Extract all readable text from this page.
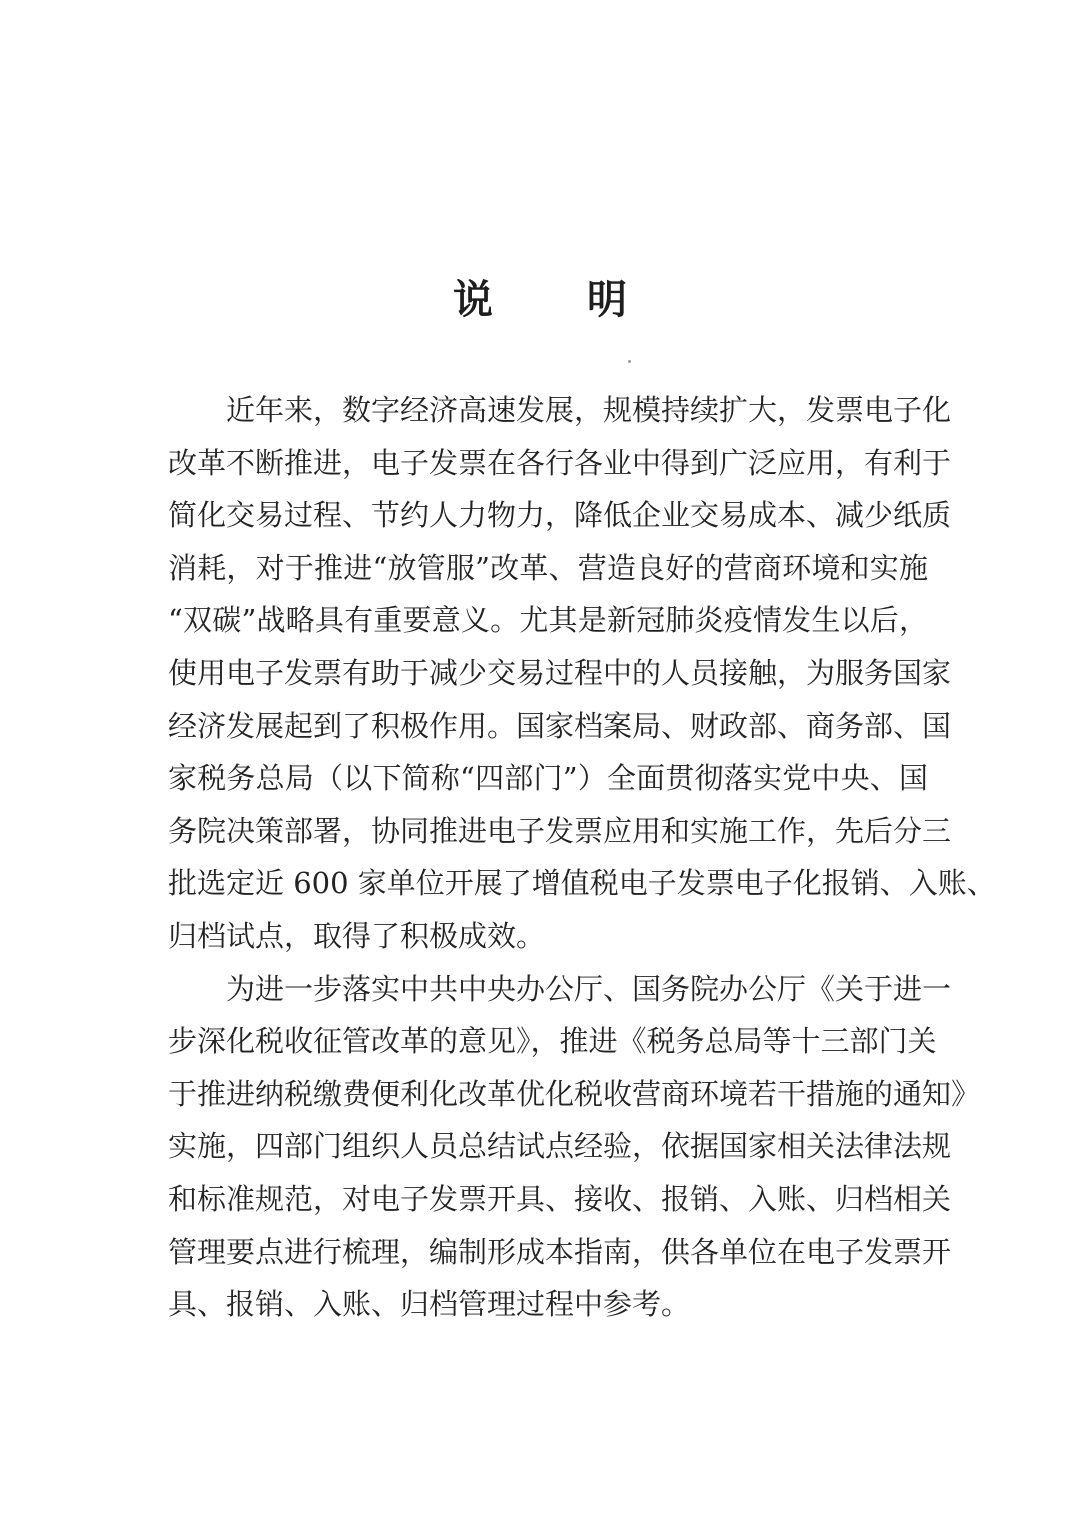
说 明
近年来，数字经济高速发展，规模持续扩大，发票电子化
改革不断推进，电子发票在各行各业中得到广泛应用，有利于
简化交易过程、节约人力物力，降低企业交易成本、减少纸质
消耗，对于推进“放管服”改革、营造良好的营商环境和实施
“双碳”战略具有重要意义。尤其是新冠肺炎疫情发生以后，
使用电子发票有助于减少交易过程中的人员接触，为服务国家
经济发展起到了积极作用。国家档案局、财政部、商务部、国
家税务总局（以下简称“四部门”）全面贯彻落实党中央、国
务院决策部署，协同推进电子发票应用和实施工作，先后分三
批选定近 600 家单位开展了增值税电子发票电子化报销、入账、
归档试点，取得了积极成效。
为进一步落实中共中央办公厅、国务院办公厅《关于进一
步深化税收征管改革的意见》，推进《税务总局等十三部门关
于推进纳税缴费便利化改革优化税收营商环境若干措施的通知》
实施，四部门组织人员总结试点经验，依据国家相关法律法规
和标准规范，对电子发票开具、接收、报销、入账、归档相关
管理要点进行梳理，编制形成本指南，供各单位在电子发票开
具、报销、入账、归档管理过程中参考。
